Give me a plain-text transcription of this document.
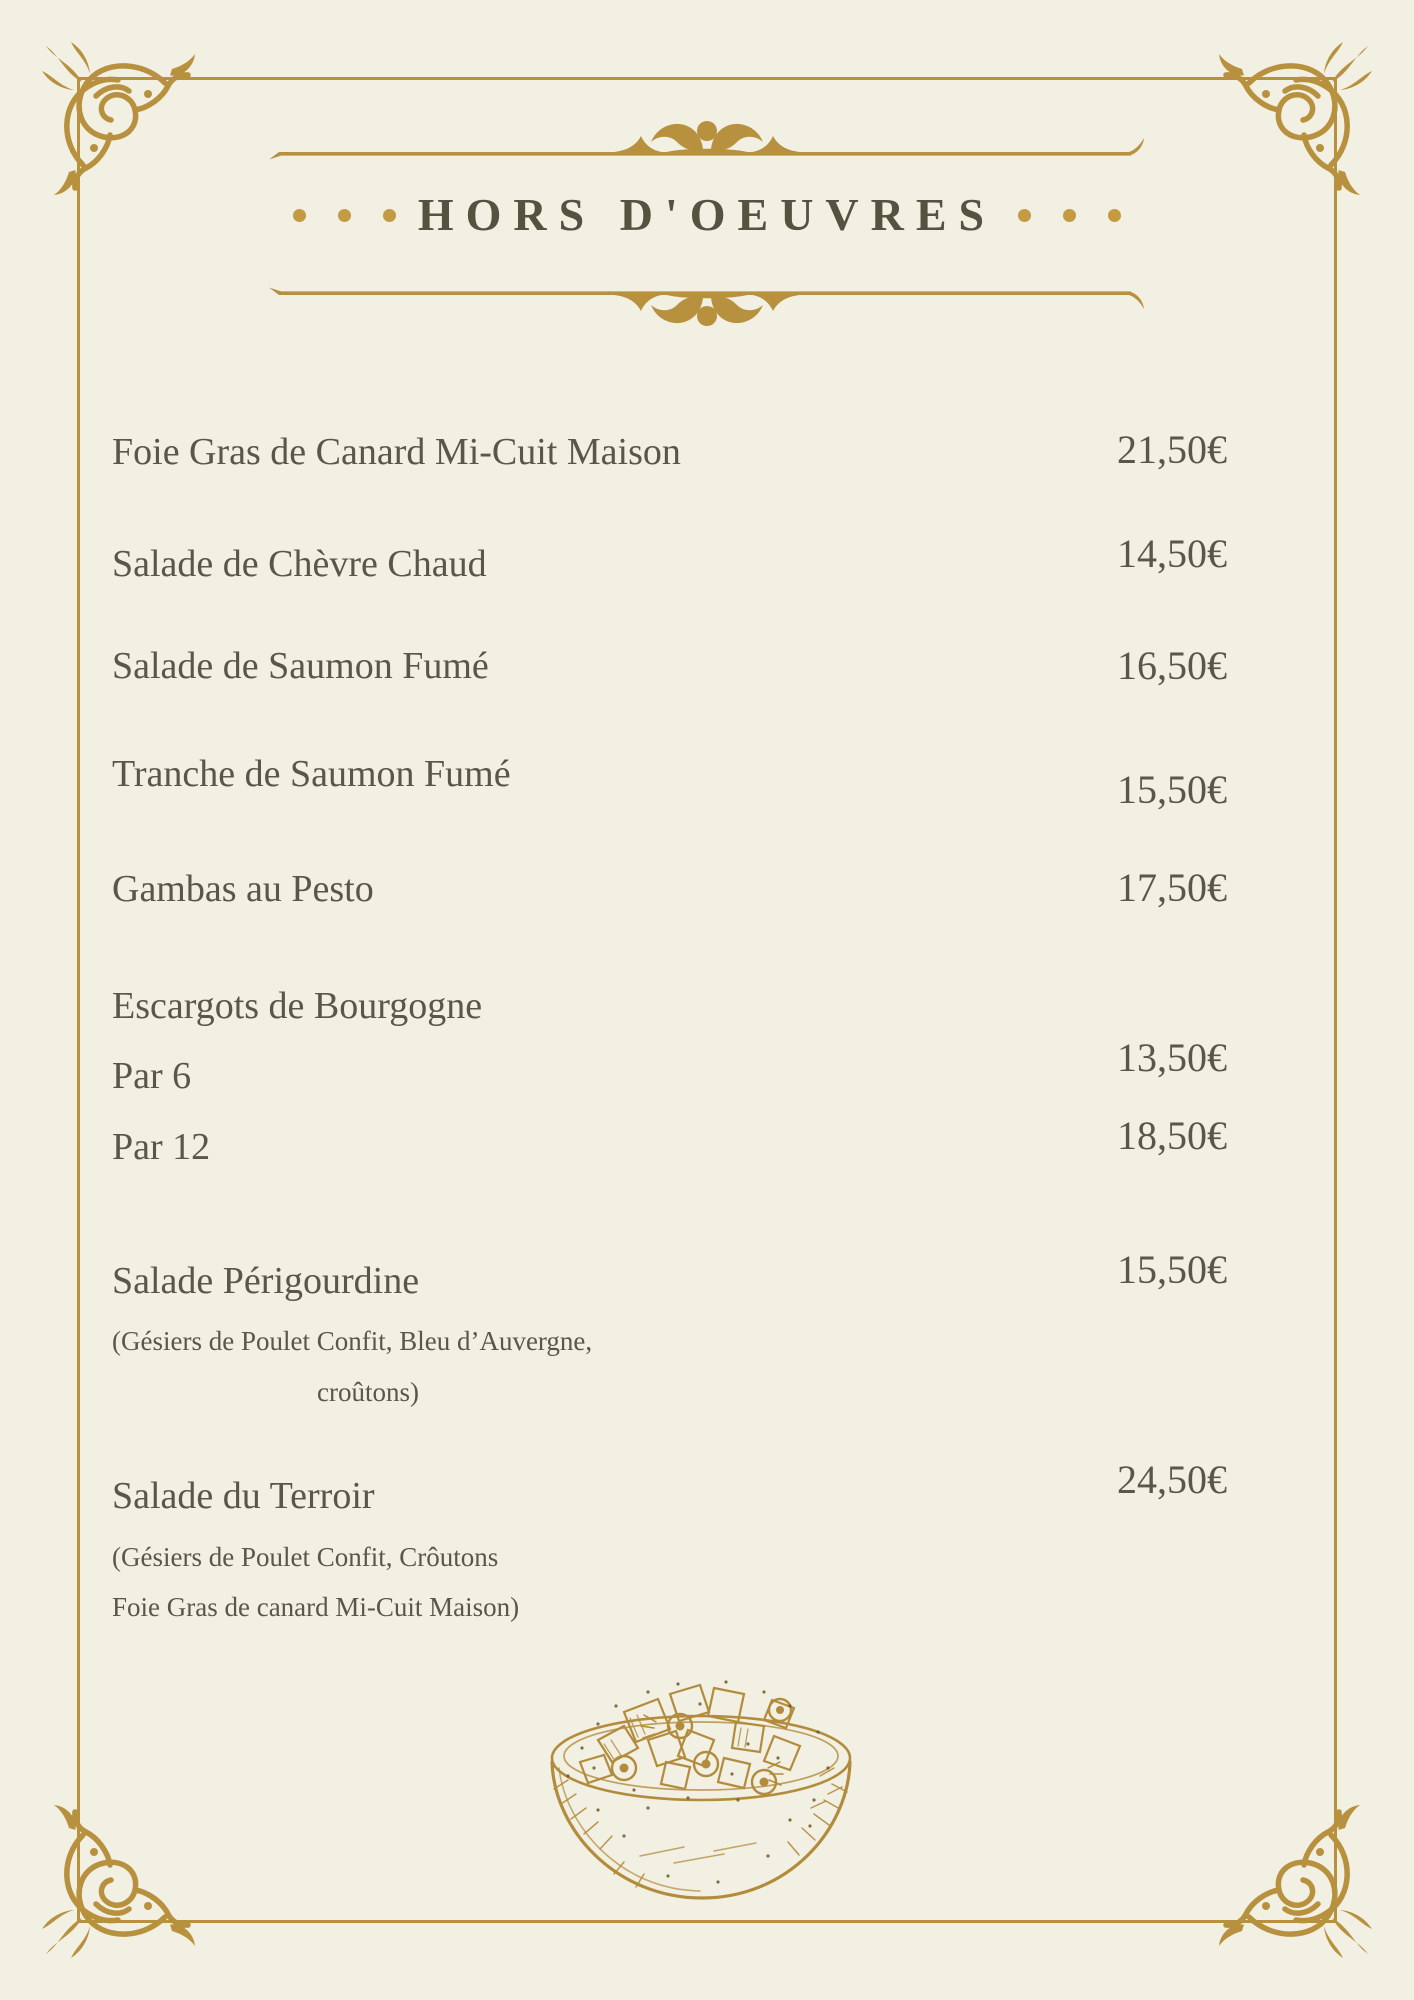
HORS D'OEUVRES
Foie Gras de Canard Mi-Cuit Maison	21,50€
Salade de Chèvre Chaud	14,50€
Salade de Saumon Fumé	16,50€
Tranche de Saumon Fumé	15,50€
Gambas au Pesto	17,50€
Escargots de Bourgogne
Par 6	13,50€
Par 12	18,50€
Salade Périgourdine	15,50€
(Gésiers de Poulet Confit, Bleu d’Auvergne,
croûtons)
Salade du Terroir	24,50€
(Gésiers de Poulet Confit, Crôutons
Foie Gras de canard Mi-Cuit Maison)
